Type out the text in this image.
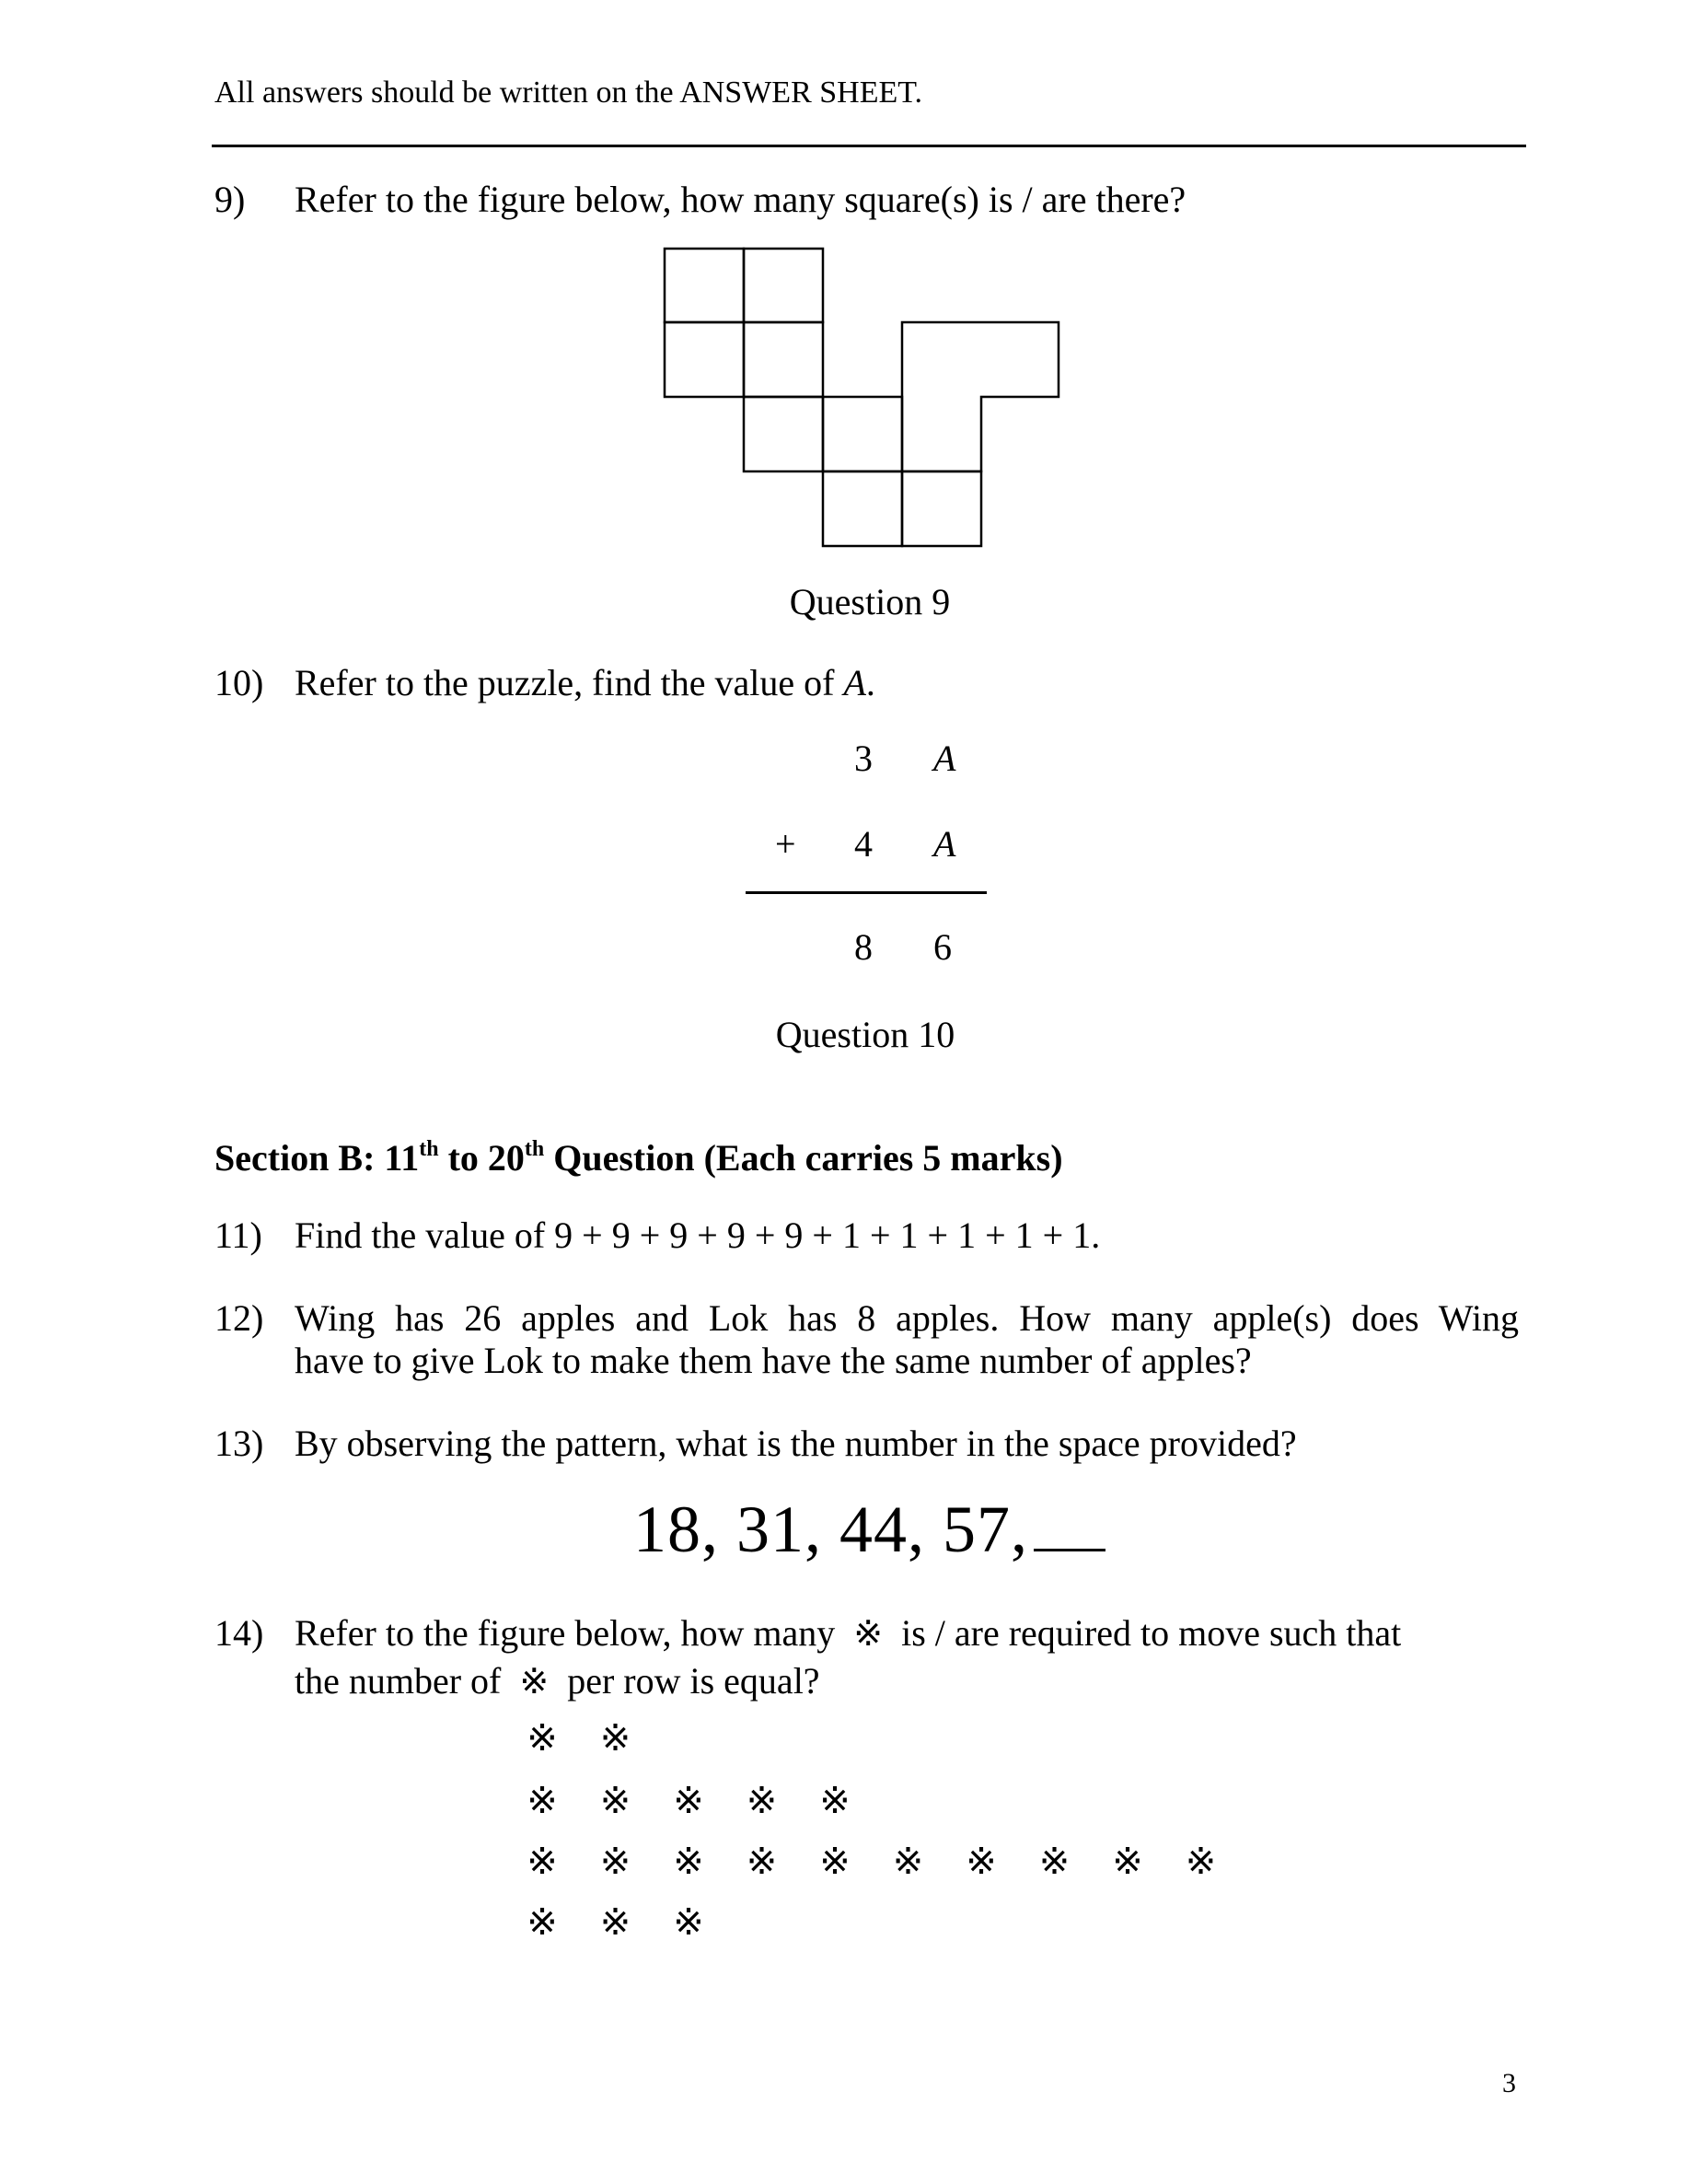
All answers should be written on the ANSWER SHEET.
9)	Refer to the figure below, how many square(s) is / are there?
Question 9
10) Refer to the puzzle, find the value of A.
3 A
+ 4 A
8 6
Question 10
Section B: 11th to 20th Question (Each carries 5 marks)
11) Find the value of 9 + 9 + 9 + 9 + 9 + 1 + 1 + 1 + 1 + 1.
12) Wing has 26 apples and Lok has 8 apples. How many apple(s) does Wing
have to give Lok to make them have the same number of apples?
13) By observing the pattern, what is the number in the space provided?
18, 31, 44, 57,
14) Refer to the figure below, how many ※ is / are required to move such that
the number of ※ per row is equal?
※ ※
※ ※ ※ ※ ※
※ ※ ※ ※ ※ ※ ※ ※ ※ ※
※ ※ ※
3
